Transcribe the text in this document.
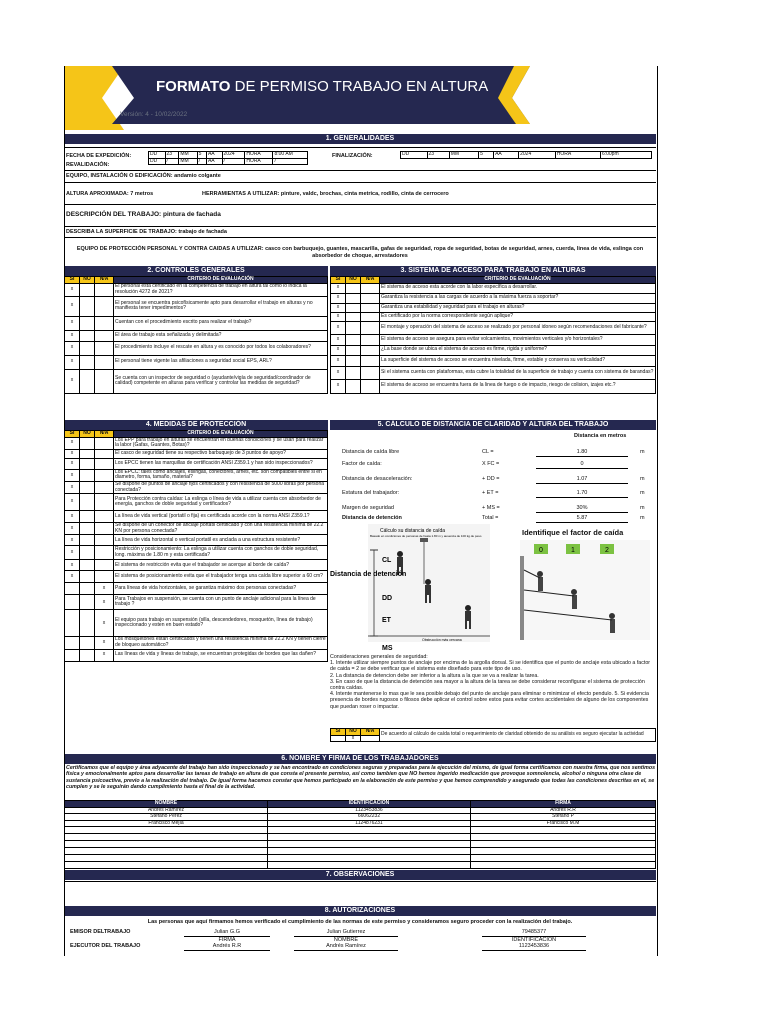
FORMATO DE PERMISO TRABAJO EN ALTURA
Versión: 4 - 10/02/2022
1. GENERALIDADES
FECHA DE EXPEDICIÓN:	DD	23	MM	5	AA	2024	HORA	8:00 AM
DD	/	MM	/	AA	/	HORA	/
REVALIDACIÓN:
FINALIZACIÓN:	DD	23	MM	5	AA	2024	HORA	6:00pm
EQUIPO, INSTALACIÓN O EDIFICACIÓN: andamio colgante
ALTURA APROXIMADA: 7 metros	HERRAMIENTAS A UTILIZAR: pinture, valdc, brochas, cinta metrica, rodillo, cinta de cerrocero
DESCRIPCIÓN DEL TRABAJO: pintura de fachada
DESCRIBA LA SUPERFICIE DE TRABAJO: trabajo de fachada
EQUIPO DE PROTECCIÓN PERSONAL Y CONTRA CAIDAS A UTILIZAR: casco con barbuquejo, guantes, mascarilla, gafas de seguridad, ropa de seguridad, botas de seguridad, arnes, cuerda, linea de vida, eslinga con absorbedor de choque, arrestadores
2. CONTROLES GENERALES	3. SISTEMA DE ACCESO PARA TRABAJO EN ALTURAS
SI	NO	N/A	CRITERIO DE EVALUACIÓN
x			El personal esta certificado en la competencia de trabajo en altura tal como lo indica la resolución 4272 de 2021?
x			El personal se encuentra psicofísicamente apto para desarrollar el trabajo en alturas y no manifiesta tener impedimentos?
x			Cuentan con el procedimiento escrito para realizar el trabajo?
x			El área de trabajo esta señalizada y delimitada?
x			El procedimiento incluye el rescate en altura y es conocido por todos los colaboradores?
x			El personal tiene vigente las afiliaciones a seguridad social EPS, ARL?
x			Se cuenta con un inspector de seguridad o (ayudante/vigía de seguridad/coordinador de calidad) competente en alturas para verificar y controlar las medidas de seguridad?
SI	NO	N/A	CRITERIO DE EVALUACIÓN
x			El sistema de acceso esta acorde con la labor específica a desarrollar.
x			Garantiza la resistencia a las cargas de acuerdo a la máxima fuerza a soportar?
x			Garantiza una estabilidad y seguridad para el trabajo en alturas?
x			Es certificado por la norma correspondiente según aplique?
x			El montaje y operación del sistema de acceso se realizado por personal idoneo según recomendaciones del fabricante?
x			El sistema de acceso se asegura para evitar volcamientos, movimientos verticales y/o horizontales?
x			¿La base donde se ubica el sistema de acceso es firme, rigida y uniforme?
x			La superficie del sistema de acceso se encuentra nivelada, firme, estable y conserva su verticalidad?
x			Si el sistema cuenta con plataformas, esta cubre la totalidad de la superficie de trabajo y cuenta con sistema de barandas?
x			El sistema de acceso se encuentra fuera de la linea de fuego o de impacto, riesgo de colision, izajes etc.?
4. MEDIDAS DE PROTECCIÓN
SI	NO	N/A	CRITERIO DE EVALUACIÓN
x			Los EPP para trabajo en alturas se encuentran en buenas condiciones y se usan para realizar la labor (Gafas, Guantes, Botas)?
x			El casco de seguridad tiene su respectivo barbuquejo de 3 puntos de apoyo?
x			Los EPCC tienen las marquillas de certificación ANSI Z359.1 y han sido inspeccionados?
x			Los EPCC: tales como anclajes, eslingas, conectores, arnes, etc. son compatibles entre si en diametro, forma, tamaño, material?
x			Se dispone de puntos de anclaje fijos certificados y con resistencia de 5000 libras por persona conectada?
x			Para Protección contra caídas: La eslinga o línea de vida a utilizar cuenta con absorbedor de energía, ganchos de doble seguridad y certificados?
x			La línea de vida vertical (portatil o fija) es certificada acorde con la norma ANSI Z359.1?
x			Se dispone de un conector de anclaje portatil certificado y con una resistencia mínima de 22.2 KN por persona conectada?
x			La línea de vida horizontal o vertical portatil es anclada a una estructura resistente?
x			Restricción y posicionamiento: La eslinga a utilizar cuenta con ganchos de doble seguridad, long. máxima de 1.80 m y esta certificada?
x			El sistema de restricción evita que el trabajador se acerque al borde de caída?
x			El sistema de posicionamiento evita que el trabajador tenga una caída libre superior a 60 cm?
		x	Para líneas de vida horizontales, se garantiza máximo dos personas conectadas?
		x	Para Trabajos en suspensión, se cuenta con un punto de anclaje adicional para la línea de trabajo ?
		x	El equipo para trabajo en suspensión (silla, descendedores, mosquetón, línea de trabajo) inspeccionado y esten en buen estado?
		x	Los mosquetones están certificados y tienen una resistencia mínima de 22.2 KN y tienen cierre de bloqueo automático?
		x	Las líneas de vida y líneas de trabajo, se encuentran protegidas de bordes que las dañen?
5. CÁLCULO DE DISTANCIA DE CLARIDAD Y ALTURA DEL TRABAJO
Distancia en metros
Distancia de caída libre	CL =	1.80	m
Factor de caída:	X FC =	0
Distancia de desaceleración:	+ DD =	1.07	m
Estatura del trabajador:	+ ET =	1.70	m
Margen de seguridad	+ MS =	30%	m
Distancia de detención	Total =	5.87	m
Cálculo su distancia de caída
Basado en condiciones de personas de hasta 1.80 m y ausencia de 100 kg de peso
Distancia de detención
CL
DD
ET
MS
Obstrucción más cercana
Identifique el factor de caída
0	1	2
Consideraciones generales de seguridad:
1. Intente utilizar siempre puntos de anclaje por encima de la argolla dorsal. Si se identifica que el punto de anclaje esta ubicado a factor de caida = 2 se debe verificar que el sistema este diseñado para este tipo de uso.
2. La distancia de detencion debe ser inferior a la altura a la que se va a realizar la tarea.
3. En caso de que la distancia de detención sea mayor a la altura de la tarea se debe considerar reconfigurar el sistema de protección contra caídas.
4. Intente mantenerse lo mas que le sea posible debajo del punto de anclaje para eliminar o minimizar el efecto pendulo. 5. Si evidencia presencia de bordes rugosos o filosos debe aplicar el control sobre estos para evitar cortes accidentales de alguno de los componentes que puedan roser o impactar.
SI	NO	N/A	De acuerdo al cálculo de caída total o requerimiento de claridad obtenido de su análisis es seguro ejecutar la actividad
	x		
6. NOMBRE Y FIRMA DE LOS TRABAJADORES
Certificamos que el equipo y área adyacente del trabajo han sido inspeccionado y se han encontrado en condiciones seguras y preparadas para la ejecución del mismo, de igual forma certificamos con nuestra firma, que nos sentimos física y emocionalmente aptos para desarrollar las tareas de trabajo en altura de que consta el presente permiso, así como tambien que NO hemos ingerido medicación que provoque somnolencia, alcohol o ninguna otra clase de sustancia psicoactiva, previo a la realización del trabajo. De igual forma hacemos constar que hemos participado en la elaboración de este permiso y que hemos comprendido y asegurado que todas las condiciones descritas en el, se cumplen y se le seguirán dando cumplimiento hasta el final de la actividad.
NOMBRE	IDENTIFICACIÓN	FIRMA
Andrés Ramírez	1123453836	Andrés R.R
Stefano Pérez	66062232	Stefano P
Francisco Mejía	1124876231	Francisco M.M

7. OBSERVACIONES
8. AUTORIZACIONES
Las personas que aquí firmamos hemos verificado el cumplimiento de las normas de este permiso y consideramos seguro proceder con la realización del trabajo.
EMISOR DELTRABAJO	Julian G.G
FIRMA
Julian Gutierrez
NOMBRE
79485377
IDENTIFICACIÓN
EJECUTOR DEL TRABAJO	Andrés R.R	Andrés Ramírez	1123453836
